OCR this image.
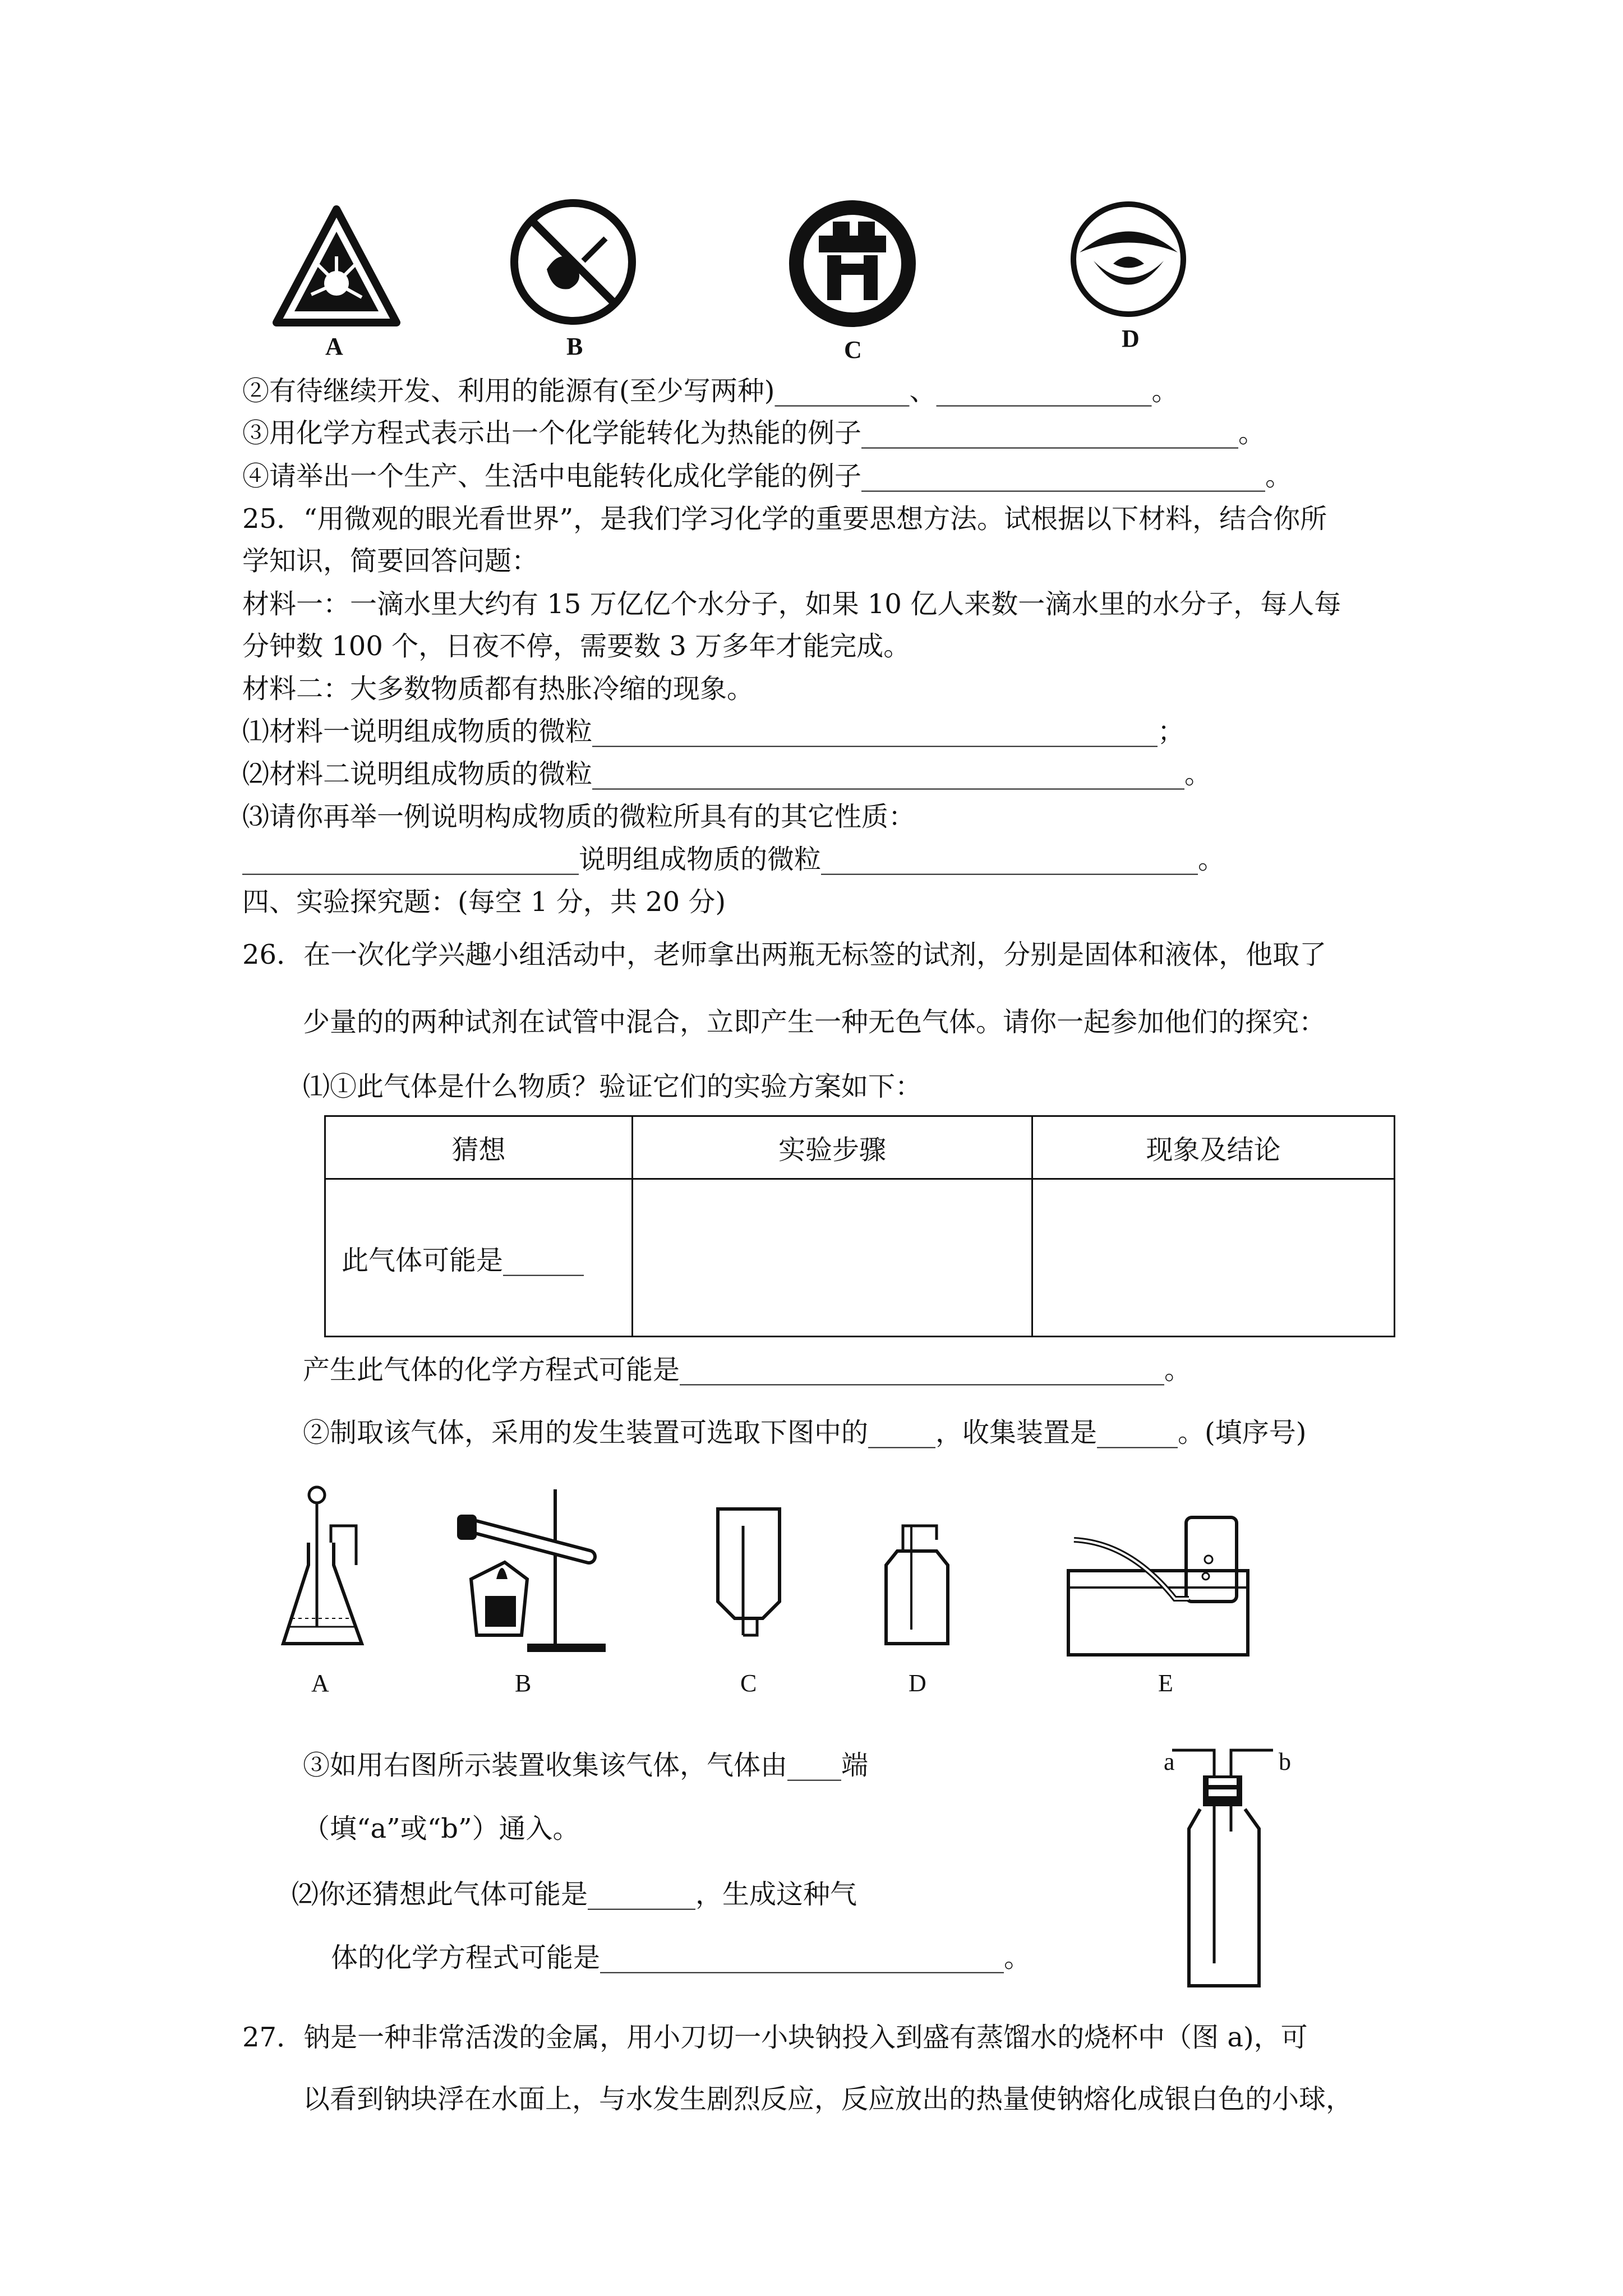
A	B	C	D
②有待继续开发、利用的能源有(至少写两种)__________、________________。
③用化学方程式表示出一个化学能转化为热能的例子____________________________。
④请举出一个生产、生活中电能转化成化学能的例子______________________________。
25．“用微观的眼光看世界”，是我们学习化学的重要思想方法。试根据以下材料，结合你所
学知识，简要回答问题：
材料一：一滴水里大约有 15 万亿亿个水分子，如果 10 亿人来数一滴水里的水分子，每人每
分钟数 100 个，日夜不停，需要数 3 万多年才能完成。
材料二：大多数物质都有热胀冷缩的现象。
⑴材料一说明组成物质的微粒__________________________________________；
⑵材料二说明组成物质的微粒____________________________________________。
⑶请你再举一例说明构成物质的微粒所具有的其它性质：
_________________________说明组成物质的微粒____________________________。
四、实验探究题：(每空 1 分，共 20 分)
26．在一次化学兴趣小组活动中，老师拿出两瓶无标签的试剂，分别是固体和液体，他取了
少量的的两种试剂在试管中混合，立即产生一种无色气体。请你一起参加他们的探究：
⑴①此气体是什么物质？验证它们的实验方案如下：
猜想	实验步骤	现象及结论
此气体可能是______		
产生此气体的化学方程式可能是____________________________________。
②制取该气体，采用的发生装置可选取下图中的_____，收集装置是______。(填序号)
A	B	C	D	E
a	b
③如用右图所示装置收集该气体，气体由____端
（填“a”或“b”）通入。
⑵你还猜想此气体可能是________，生成这种气
体的化学方程式可能是______________________________。
27．钠是一种非常活泼的金属，用小刀切一小块钠投入到盛有蒸馏水的烧杯中（图 a)，可
以看到钠块浮在水面上，与水发生剧烈反应，反应放出的热量使钠熔化成银白色的小球，
